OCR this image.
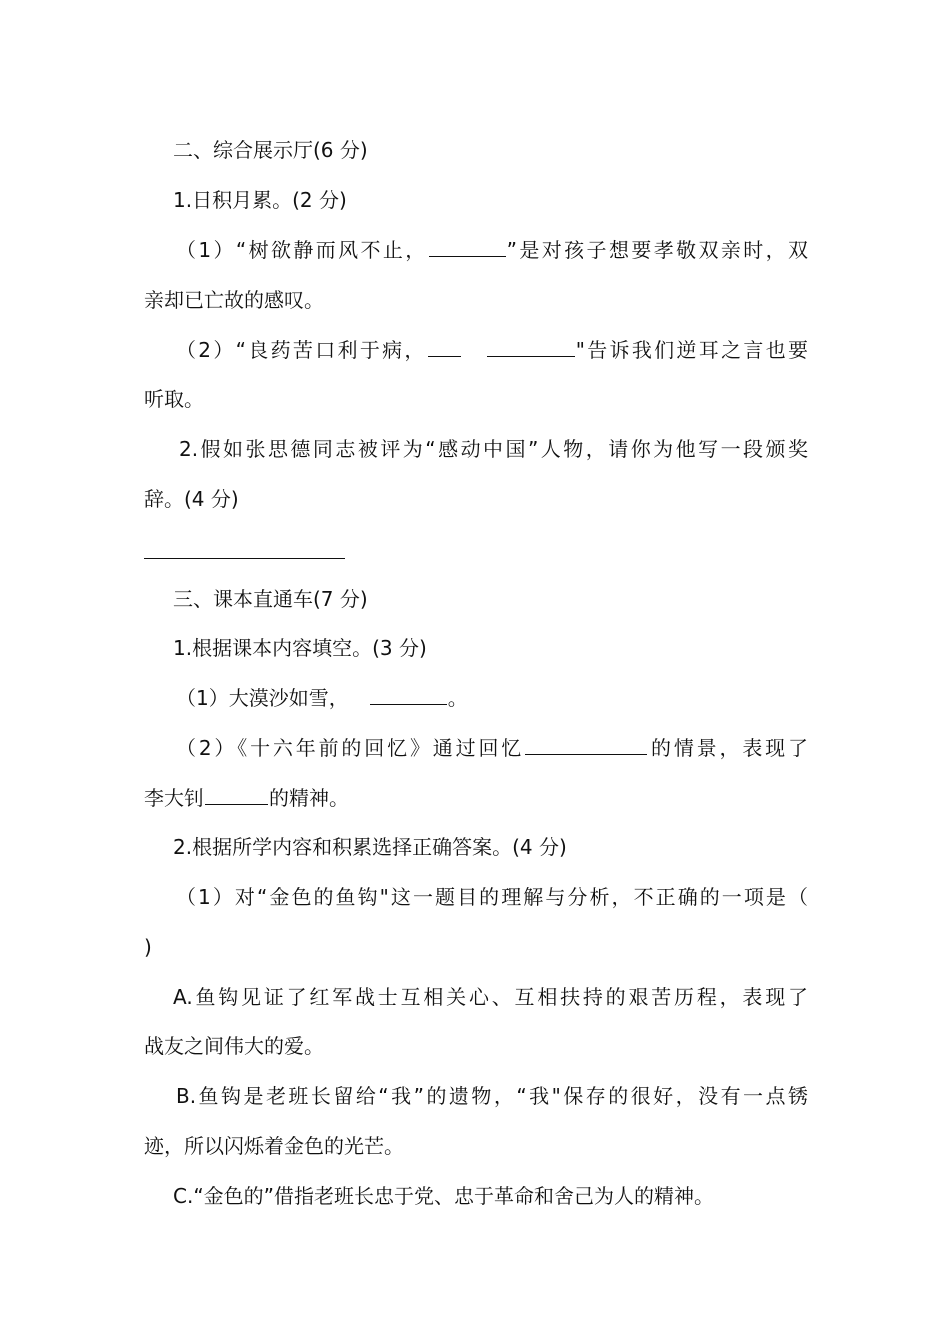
二、综合展示厅(6 分)
1.日积月累。(2 分)
（1）“树欲静而风不止，	”是对孩子想要孝敬双亲时，双
亲却已亡故的感叹。
（2）“良药苦口利于病，	"告诉我们逆耳之言也要
听取。
2.假如张思德同志被评为“感动中国”人物，请你为他写一段颁奖
辞。(4 分)
三、课本直通车(7 分)
1.根据课本内容填空。(3 分)
（1）大漠沙如雪，	。
（2）《十六年前的回忆》通过回忆	的情景，表现了
李大钊	的精神。
2.根据所学内容和积累选择正确答案。(4 分)
（1）对“金色的鱼钩"这一题目的理解与分析，不正确的一项是（
)
A.鱼钩见证了红军战士互相关心、互相扶持的艰苦历程，表现了
战友之间伟大的爱。
B.鱼钩是老班长留给“我”的遗物，“我"保存的很好，没有一点锈
迹，所以闪烁着金色的光芒。
C.“金色的”借指老班长忠于党、忠于革命和舍己为人的精神。
